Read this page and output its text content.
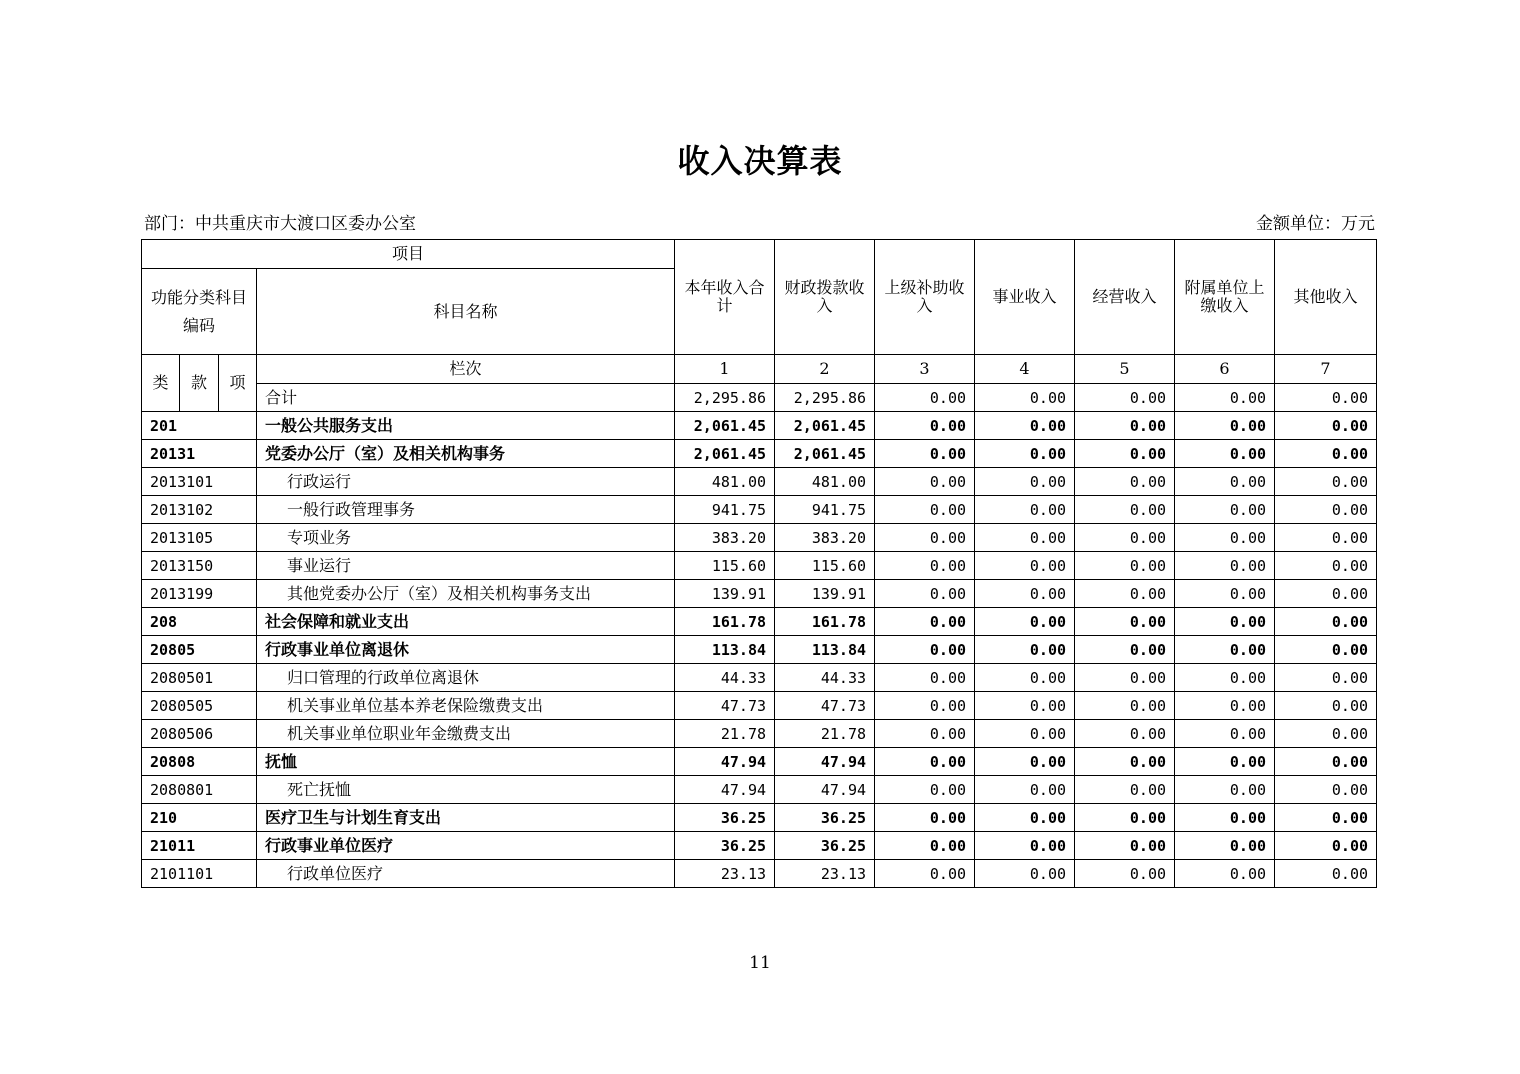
收入决算表
部门：中共重庆市大渡口区委办公室	金额单位：万元
项目				本年收入合计	财政拨款收入	上级补助收入	事业收入	经营收入	附属单位上缴收入	其他收入
功能分类科目编码			科目名称							
类	款	项	栏次	1	2	3	4	5	6	7
			合计	2,295.86	2,295.86	0.00	0.00	0.00	0.00	0.00
201			一般公共服务支出	2,061.45	2,061.45	0.00	0.00	0.00	0.00	0.00
20131			党委办公厅（室）及相关机构事务	2,061.45	2,061.45	0.00	0.00	0.00	0.00	0.00
2013101			行政运行	481.00	481.00	0.00	0.00	0.00	0.00	0.00
2013102			一般行政管理事务	941.75	941.75	0.00	0.00	0.00	0.00	0.00
2013105			专项业务	383.20	383.20	0.00	0.00	0.00	0.00	0.00
2013150			事业运行	115.60	115.60	0.00	0.00	0.00	0.00	0.00
2013199			其他党委办公厅（室）及相关机构事务支出	139.91	139.91	0.00	0.00	0.00	0.00	0.00
208			社会保障和就业支出	161.78	161.78	0.00	0.00	0.00	0.00	0.00
20805			行政事业单位离退休	113.84	113.84	0.00	0.00	0.00	0.00	0.00
2080501			归口管理的行政单位离退休	44.33	44.33	0.00	0.00	0.00	0.00	0.00
2080505			机关事业单位基本养老保险缴费支出	47.73	47.73	0.00	0.00	0.00	0.00	0.00
2080506			机关事业单位职业年金缴费支出	21.78	21.78	0.00	0.00	0.00	0.00	0.00
20808			抚恤	47.94	47.94	0.00	0.00	0.00	0.00	0.00
2080801			死亡抚恤	47.94	47.94	0.00	0.00	0.00	0.00	0.00
210			医疗卫生与计划生育支出	36.25	36.25	0.00	0.00	0.00	0.00	0.00
21011			行政事业单位医疗	36.25	36.25	0.00	0.00	0.00	0.00	0.00
2101101			行政单位医疗	23.13	23.13	0.00	0.00	0.00	0.00	0.00
11
